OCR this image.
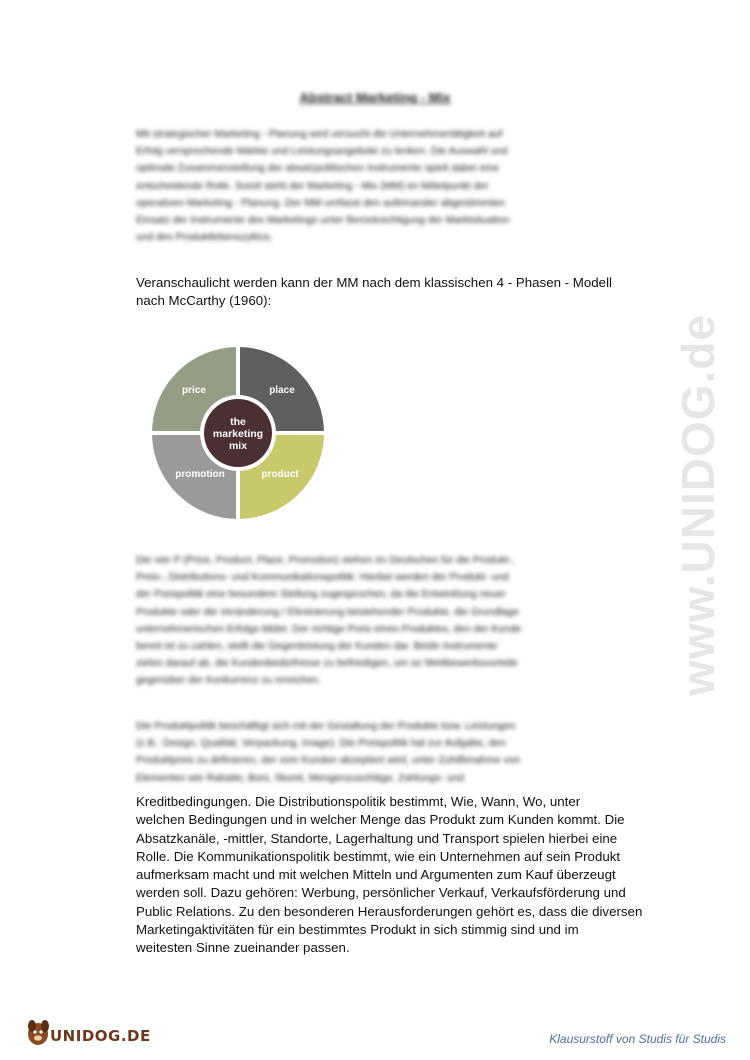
www.UNIDOG.de
Abstract Marketing - Mix
Mit strategischer Marketing - Planung wird versucht die Unternehmertätigkeit auf
Erfolg versprechende Märkte und Leistungsangebote zu lenken. Die Auswahl und
optimale Zusammenstellung der absatzpolitischen Instrumente spielt dabei eine
entscheidende Rolle. Somit steht der Marketing - Mix (MM) im Mittelpunkt der
operativen Marketing - Planung. Der MM umfasst den aufeinander abgestimmten
Einsatz der Instrumente des Marketings unter Berücksichtigung der Marktsituation
und des Produktlebenszyklus.
Veranschaulicht werden kann der MM nach dem klassischen 4 - Phasen - Modell
nach McCarthy (1960):
price	place
promotion	product
the
marketing
mix
Die vier P (Price, Product, Place, Promotion) stehen im Deutschen für die Produkt-,
Preis-, Distributions- und Kommunikationspolitik. Hierbei werden der Produkt- und
der Preispolitik eine besondere Stellung zugesprochen, da die Entwicklung neuer
Produkte oder die Veränderung / Eliminierung bestehender Produkte, die Grundlage
unternehmerischen Erfolgs bildet. Der richtige Preis eines Produktes, den der Kunde
bereit ist zu zahlen, stellt die Gegenleistung der Kunden dar. Beide Instrumente
zielen darauf ab, die Kundenbedürfnisse zu befriedigen, um so Wettbewerbsvorteile
gegenüber der Konkurrenz zu erreichen.
Die Produktpolitik beschäftigt sich mit der Gestaltung der Produkte bzw. Leistungen
(z.B.: Design, Qualität, Verpackung, Image). Die Preispolitik hat zur Aufgabe, den
Produktpreis zu definieren, der vom Kunden akzeptiert wird, unter Zuhilfenahme von
Elementen wie Rabatte, Boni, Skonti, Mengenzuschläge, Zahlungs- und
Kreditbedingungen. Die Distributionspolitik bestimmt, Wie, Wann, Wo, unter
welchen Bedingungen und in welcher Menge das Produkt zum Kunden kommt. Die
Absatzkanäle, -mittler, Standorte, Lagerhaltung und Transport spielen hierbei eine
Rolle. Die Kommunikationspolitik bestimmt, wie ein Unternehmen auf sein Produkt
aufmerksam macht und mit welchen Mitteln und Argumenten zum Kauf überzeugt
werden soll. Dazu gehören: Werbung, persönlicher Verkauf, Verkaufsförderung und
Public Relations. Zu den besonderen Herausforderungen gehört es, dass die diversen
Marketingaktivitäten für ein bestimmtes Produkt in sich stimmig sind und im
weitesten Sinne zueinander passen.
UNIDOG.DE	Klausurstoff von Studis für Studis
